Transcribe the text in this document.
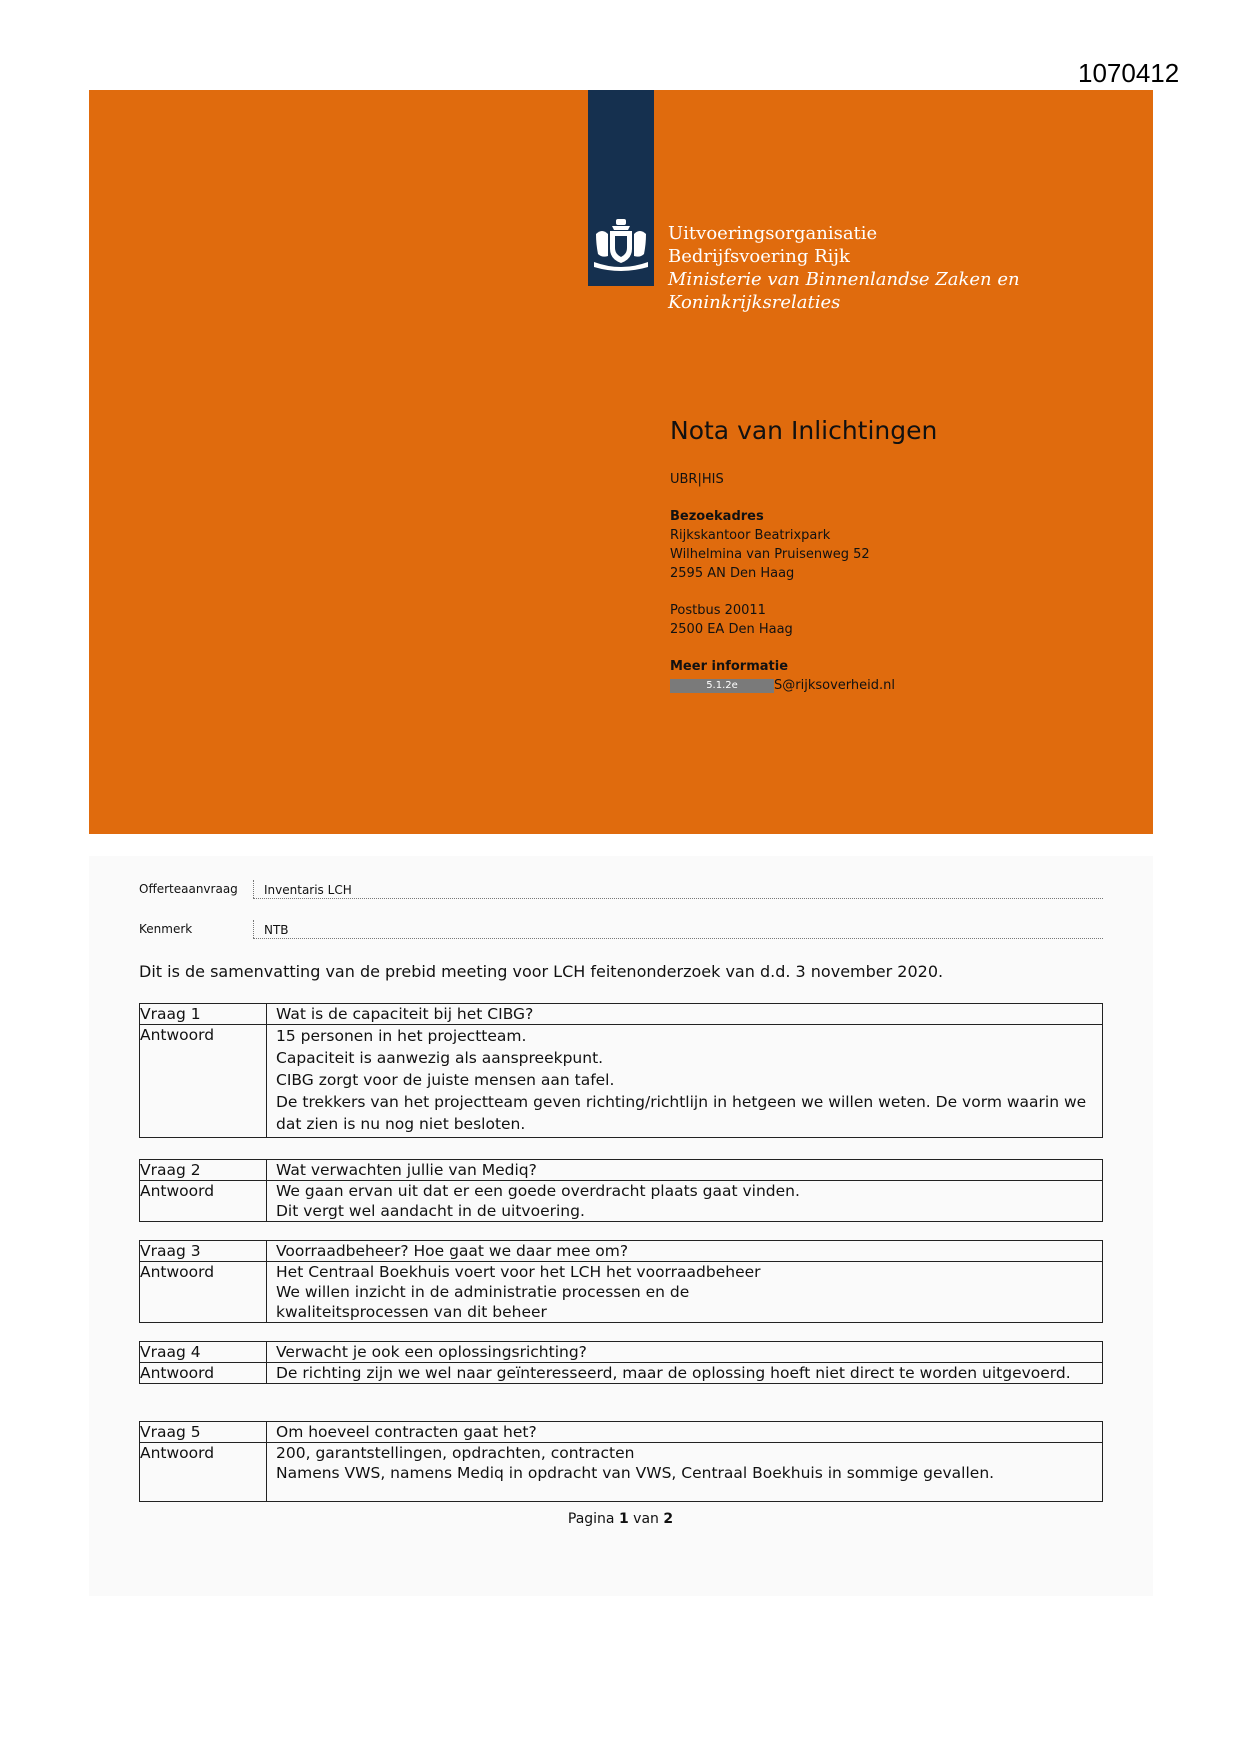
1070412
Uitvoeringsorganisatie
Bedrijfsvoering Rijk
Ministerie van Binnenlandse Zaken en
Koninkrijksrelaties
Nota van Inlichtingen
UBR|HIS
Bezoekadres
Rijkskantoor Beatrixpark
Wilhelmina van Pruisenweg 52
2595 AN Den Haag
Postbus 20011
2500 EA Den Haag
Meer informatie
5.1.2e	S@rijksoverheid.nl
Offerteaanvraag Inventaris LCH
Kenmerk	NTB
Dit is de samenvatting van de prebid meeting voor LCH feitenonderzoek van d.d. 3 november 2020.
Vraag 1	Wat is de capaciteit bij het CIBG?
Antwoord	15 personen in het projectteam.
Capaciteit is aanwezig als aanspreekpunt.
CIBG zorgt voor de juiste mensen aan tafel.
De trekkers van het projectteam geven richting/richtlijn in hetgeen we willen weten. De vorm waarin we dat zien is nu nog niet besloten.
Vraag 2	Wat verwachten jullie van Mediq?
Antwoord	We gaan ervan uit dat er een goede overdracht plaats gaat vinden.
Dit vergt wel aandacht in de uitvoering.
Vraag 3	Voorraadbeheer? Hoe gaat we daar mee om?
Antwoord	Het Centraal Boekhuis voert voor het LCH het voorraadbeheer
We willen inzicht in de administratie processen en de kwaliteitsprocessen van dit beheer
Vraag 4	Verwacht je ook een oplossingsrichting?
Antwoord	De richting zijn we wel naar geïnteresseerd, maar de oplossing hoeft niet direct te worden uitgevoerd.
Vraag 5	Om hoeveel contracten gaat het?
Antwoord	200, garantstellingen, opdrachten, contracten
Namens VWS, namens Mediq in opdracht van VWS, Centraal Boekhuis in sommige gevallen.
Pagina 1 van 2
